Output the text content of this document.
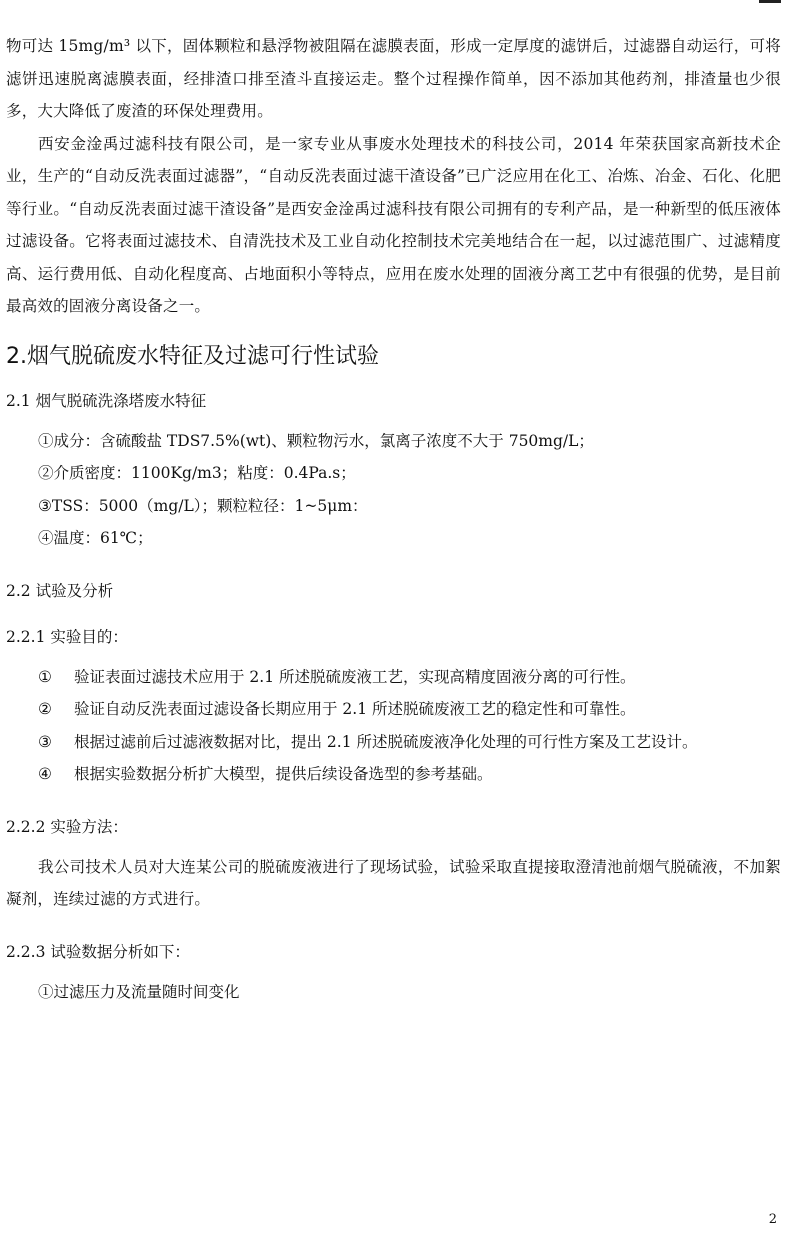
物可达 15mg/m³ 以下，固体颗粒和悬浮物被阻隔在滤膜表面，形成一定厚度的滤饼后，过滤器自动运行，可将滤饼迅速脱离滤膜表面，经排渣口排至渣斗直接运走。整个过程操作简单，因不添加其他药剂，排渣量也少很多，大大降低了废渣的环保处理费用。

西安金淦禹过滤科技有限公司，是一家专业从事废水处理技术的科技公司，2014 年荣获国家高新技术企业，生产的“自动反洗表面过滤器”，“自动反洗表面过滤干渣设备”已广泛应用在化工、冶炼、冶金、石化、化肥等行业。“自动反洗表面过滤干渣设备”是西安金淦禹过滤科技有限公司拥有的专利产品，是一种新型的低压液体过滤设备。它将表面过滤技术、自清洗技术及工业自动化控制技术完美地结合在一起，以过滤范围广、过滤精度高、运行费用低、自动化程度高、占地面积小等特点，应用在废水处理的固液分离工艺中有很强的优势，是目前最高效的固液分离设备之一。

2.烟气脱硫废水特征及过滤可行性试验
2.1 烟气脱硫洗涤塔废水特征

①成分：含硫酸盐 TDS7.5%(wt)、颗粒物污水，氯离子浓度不大于 750mg/L；

②介质密度：1100Kg/m3；粘度：0.4Pa.s；

③TSS：5000（mg/L）；颗粒粒径：1~5μm：

④温度：61℃；

2.2 试验及分析
2.2.1 实验目的：

① 验证表面过滤技术应用于 2.1 所述脱硫废液工艺，实现高精度固液分离的可行性。

② 验证自动反洗表面过滤设备长期应用于 2.1 所述脱硫废液工艺的稳定性和可靠性。

③ 根据过滤前后过滤液数据对比，提出 2.1 所述脱硫废液净化处理的可行性方案及工艺设计。

④ 根据实验数据分析扩大模型，提供后续设备选型的参考基础。

2.2.2 实验方法：

我公司技术人员对大连某公司的脱硫废液进行了现场试验，试验采取直提接取澄清池前烟气脱硫液，不加絮凝剂，连续过滤的方式进行。

2.2.3 试验数据分析如下：

①过滤压力及流量随时间变化

2
